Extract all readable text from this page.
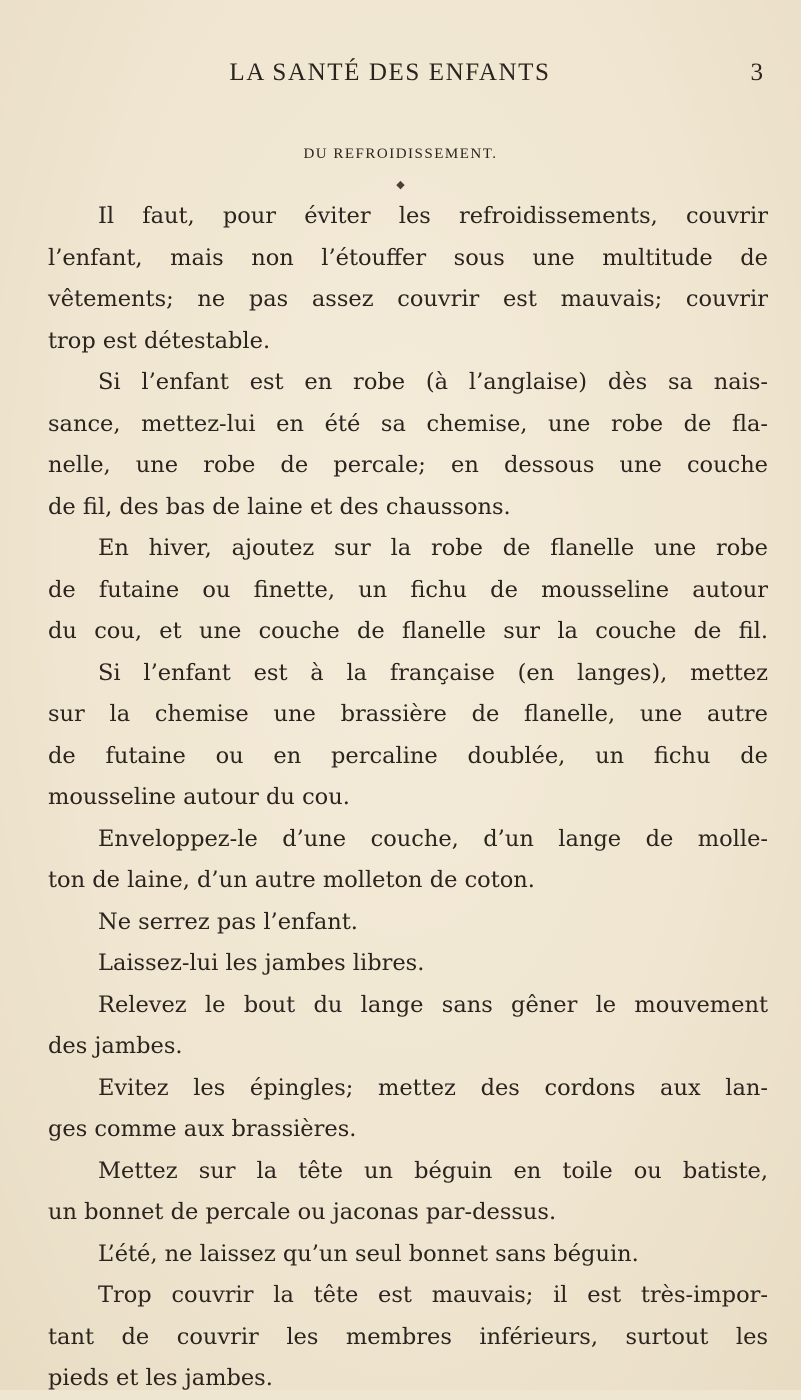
LA SANTÉ DES ENFANTS	3
DU REFROIDISSEMENT.
◆
Il faut, pour éviter les refroidissements, couvrir
l’enfant, mais non l’étouffer sous une multitude de
vêtements; ne pas assez couvrir est mauvais; couvrir
trop est détestable.
Si l’enfant est en robe (à l’anglaise) dès sa nais-
sance, mettez-lui en été sa chemise, une robe de fla-
nelle, une robe de percale; en dessous une couche
de fil, des bas de laine et des chaussons.
En hiver, ajoutez sur la robe de flanelle une robe
de futaine ou finette, un fichu de mousseline autour
du cou, et une couche de flanelle sur la couche de fil.
Si l’enfant est à la française (en langes), mettez
sur la chemise une brassière de flanelle, une autre
de futaine ou en percaline doublée, un fichu de
mousseline autour du cou.
Enveloppez-le d’une couche, d’un lange de molle-
ton de laine, d’un autre molleton de coton.
Ne serrez pas l’enfant.
Laissez-lui les jambes libres.
Relevez le bout du lange sans gêner le mouvement
des jambes.
Evitez les épingles; mettez des cordons aux lan-
ges comme aux brassières.
Mettez sur la tête un béguin en toile ou batiste,
un bonnet de percale ou jaconas par-dessus.
L’été, ne laissez qu’un seul bonnet sans béguin.
Trop couvrir la tête est mauvais; il est très-impor-
tant de couvrir les membres inférieurs, surtout les
pieds et les jambes.
